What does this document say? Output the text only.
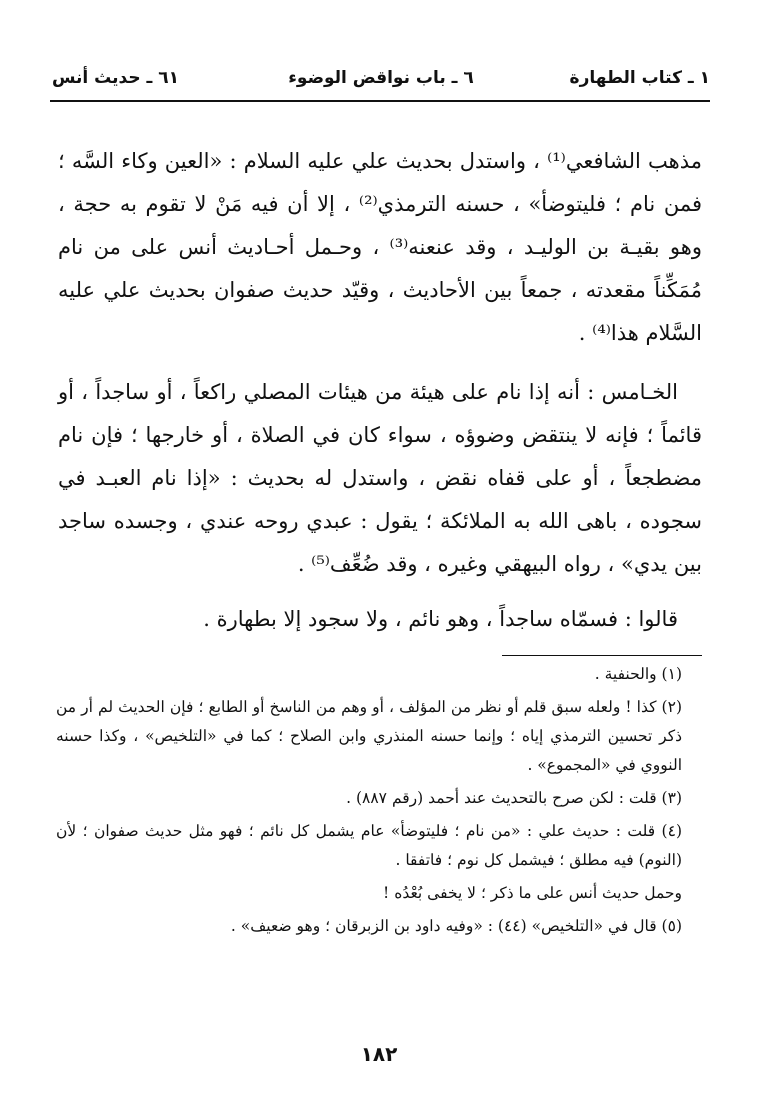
١ ـ كتاب الطهارة
٦ ـ باب نواقض الوضوء
٦١ ـ حديث أنس

مذهب الشافعي⁽¹⁾ ، واستدل بحديث علي عليه السلام : «العين وكاء السَّه ؛ فمن نام ؛ فليتوضأ» ، حسنه الترمذي⁽²⁾ ، إلا أن فيه مَنْ لا تقوم به حجة ، وهو بقيـة بن الوليـد ، وقد عنعنه⁽³⁾ ، وحـمل أحـاديث أنس على من نام مُمَكِّناً مقعدته ، جمعاً بين الأحاديث ، وقيّد حديث صفوان بحديث علي عليه السَّلام هذا⁽⁴⁾ .

الخـامس : أنه إذا نام على هيئة من هيئات المصلي راكعاً ، أو ساجداً ، أو قائماً ؛ فإنه لا ينتقض وضوؤه ، سواء كان في الصلاة ، أو خارجها ؛ فإن نام مضطجعاً ، أو على قفاه نقض ، واستدل له بحديث : «إذا نام العبـد في سجوده ، باهى الله به الملائكة ؛ يقول : عبدي روحه عندي ، وجسده ساجد بين يدي» ، رواه البيهقي وغيره ، وقد ضُعِّف⁽⁵⁾ .

قالوا : فسمّاه ساجداً ، وهو نائم ، ولا سجود إلا بطهارة .

(١) والحنفية .

(٢) كذا ! ولعله سبق قلم أو نظر من المؤلف ، أو وهم من الناسخ أو الطابع ؛ فإن الحديث لم أر من ذكر تحسين الترمذي إياه ؛ وإنما حسنه المنذري وابن الصلاح ؛ كما في «التلخيص» ، وكذا حسنه النووي في «المجموع» .

(٣) قلت : لكن صرح بالتحديث عند أحمد (رقم ٨٨٧) .

(٤) قلت : حديث علي : «من نام ؛ فليتوضأ» عام يشمل كل نائم ؛ فهو مثل حديث صفوان ؛ لأن (النوم) فيه مطلق ؛ فيشمل كل نوم ؛ فاتفقا .

وحمل حديث أنس على ما ذكر ؛ لا يخفى بُعْدُه !

(٥) قال في «التلخيص» (٤٤) : «وفيه داود بن الزبرقان ؛ وهو ضعيف» .

١٨٢
